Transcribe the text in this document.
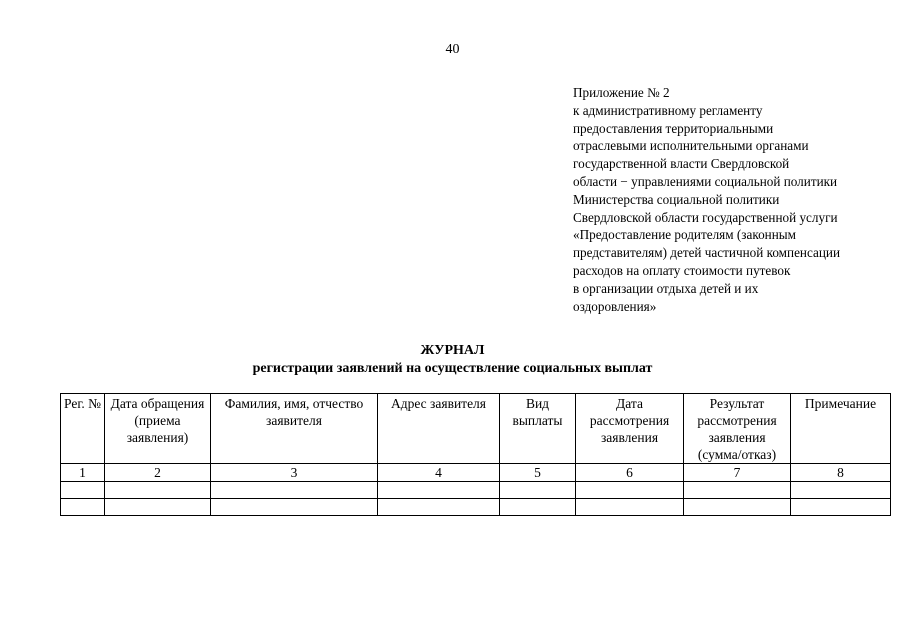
40
Приложение № 2
к административному регламенту
предоставления территориальными
отраслевыми исполнительными органами
государственной власти Свердловской
области − управлениями социальной политики
Министерства социальной политики
Свердловской области государственной услуги
«Предоставление родителям (законным
представителям) детей частичной компенсации
расходов на оплату стоимости путевок
в организации отдыха детей и их
оздоровления»
ЖУРНАЛ
регистрации заявлений на осуществление социальных выплат
Рег. №	Дата обращения (приема заявления)	Фамилия, имя, отчество заявителя	Адрес заявителя	Вид выплаты	Дата рассмотрения заявления	Результат рассмотрения заявления (сумма/отказ)	Примечание
1	2	3	4	5	6	7	8
